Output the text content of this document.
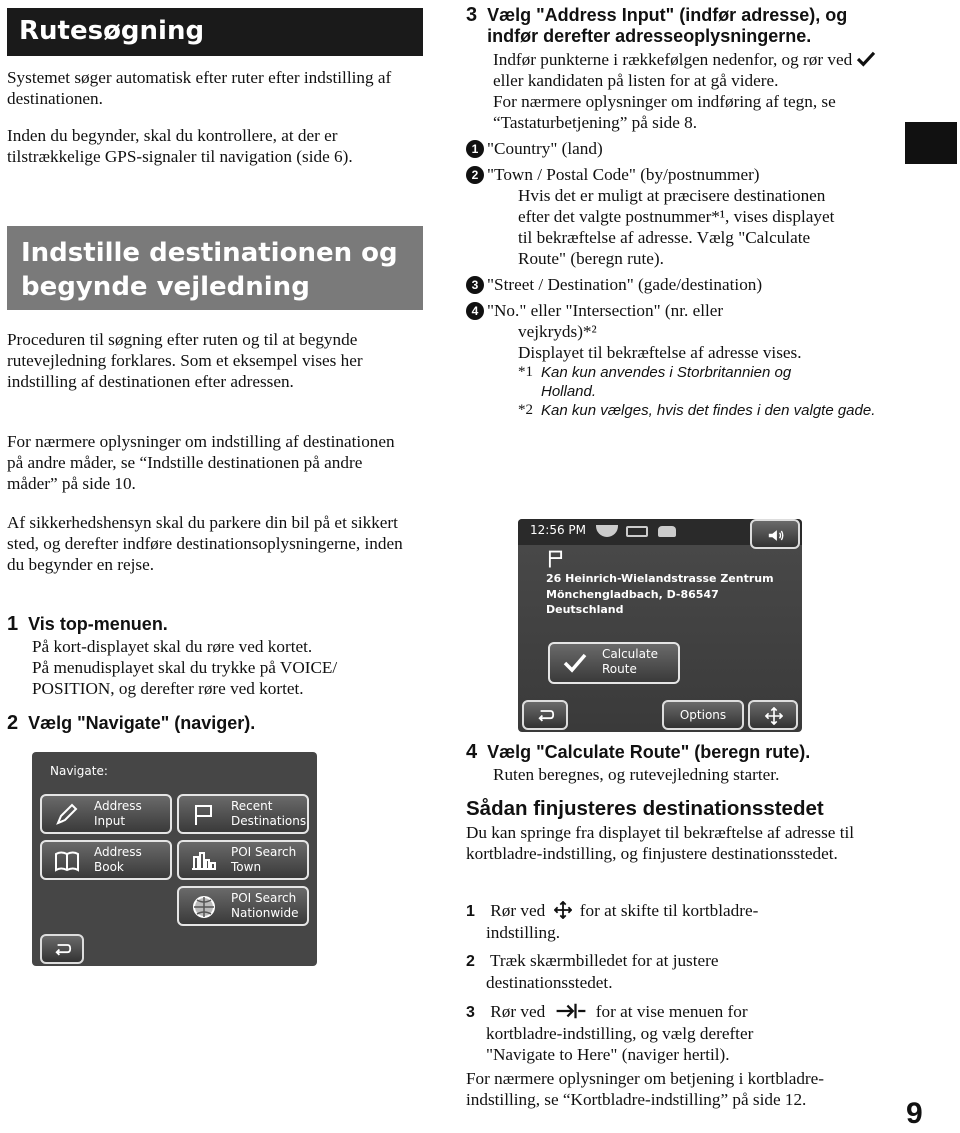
Rutesøgning

Systemet søger automatisk efter ruter efter indstilling af destinationen.

Inden du begynder, skal du kontrollere, at der er tilstrækkelige GPS-signaler til navigation (side 6).

Indstille destinationen og begynde vejledning

Proceduren til søgning efter ruten og til at begynde rutevejledning forklares. Som et eksempel vises her indstilling af destinationen efter adressen.

For nærmere oplysninger om indstilling af destinationen på andre måder, se “Indstille destinationen på andre måder” på side 10.

Af sikkerhedshensyn skal du parkere din bil på et sikkert sted, og derefter indføre destinationsoplysningerne, inden du begynder en rejse.

1 Vis top-menuen.

På kort-displayet skal du røre ved kortet.

På menudisplayet skal du trykke på VOICE/ POSITION, og derefter røre ved kortet.

2 Vælg "Navigate" (naviger).
Navigate:
Address
Input
Recent
Destinations
Address
Book
POI Search
Town
POI Search
Nationwide
3 Vælg "Address Input" (indfør adresse), og indfør derefter adresseoplysningerne.

Indfør punkterne i rækkefølgen nedenfor, og rør ved  eller kandidaten på listen for at gå videre.

For nærmere oplysninger om indføring af tegn, se “Tastaturbetjening” på side 8.

1 "Country" (land)

2 "Town / Postal Code" (by/postnummer)

Hvis det er muligt at præcisere destinationen efter det valgte postnummer*¹, vises displayet til bekræftelse af adresse. Vælg "Calculate Route" (beregn rute).

3 "Street / Destination" (gade/destination)

4 "No." eller "Intersection" (nr. eller

vejkryds)*²

Displayet til bekræftelse af adresse vises.

*1 Kan kun anvendes i Storbritannien og Holland.
*2 Kan kun vælges, hvis det findes i den valgte gade.
12:56 PM
26 Heinrich-Wielandstrasse Zentrum
Mönchengladbach, D-86547
Deutschland
Calculate
Route
Options
4 Vælg "Calculate Route" (beregn rute).

Ruten beregnes, og rutevejledning starter.

Sådan finjusteres destinationsstedet

Du kan springe fra displayet til bekræftelse af adresse til kortbladre-indstilling, og finjustere destinationsstedet.

1 Rør ved for at skifte til kortbladre-

indstilling.

2 Træk skærmbilledet for at justere

destinationsstedet.

3 Rør ved	for at vise menuen for

kortbladre-indstilling, og vælg derefter "Navigate to Here" (naviger hertil).

For nærmere oplysninger om betjening i kortbladre-indstilling, se “Kortbladre-indstilling” på side 12.	9
